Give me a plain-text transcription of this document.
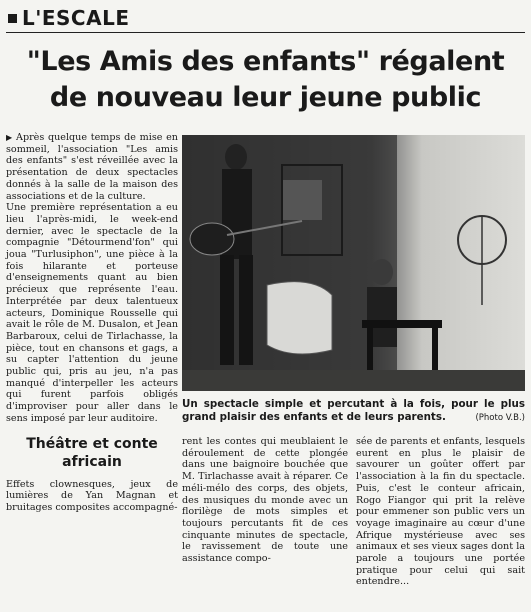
L'ESCALE
"Les Amis des enfants" régalent
de nouveau leur jeune public

▶ Après quelque temps de mise en sommeil, l'association "Les amis des enfants" s'est réveillée avec la présentation de deux spectacles donnés à la salle de la maison des associations et de la culture.

Une première représentation a eu lieu l'après-midi, le week-end dernier, avec le spectacle de la compagnie "Détourmend'fon" qui joua "Turlusiphon", une pièce à la fois hilarante et porteuse d'enseignements quant au bien précieux que représente l'eau. Interprétée par deux talentueux acteurs, Dominique Rousselle qui avait le rôle de M. Dusalon, et Jean Barbaroux, celui de Tirlachasse, la pièce, tout en chansons et gags, a su capter l'attention du jeune public qui, pris au jeu, n'a pas manqué d'interpeller les acteurs qui furent parfois obligés d'improviser pour aller dans le sens imposé par leur auditoire.

Théâtre et conte africain

Effets clownesques, jeux de lumières de Yan Magnan et bruitages composites accompagné-

Un spectacle simple et percutant à la fois, pour le plus grand plaisir des enfants et de leurs parents.	(Photo V.B.)

rent les contes qui meublaient le déroulement de cette plongée dans une baignoire bouchée que M. Tirlachasse avait à réparer. Ce méli-mélo des corps, des objets, des musiques du monde avec un florilège de mots simples et toujours percutants fit de ces cinquante minutes de spectacle, le ravissement de toute une assistance compo-

sée de parents et enfants, lesquels eurent en plus le plaisir de savourer un goûter offert par l'association à la fin du spectacle. Puis, c'est le conteur africain, Rogo Fiangor qui prit la relève pour emmener son public vers un voyage imaginaire au cœur d'une Afrique mystérieuse avec ses animaux et ses vieux sages dont la parole a toujours une portée pratique pour celui qui sait entendre...
